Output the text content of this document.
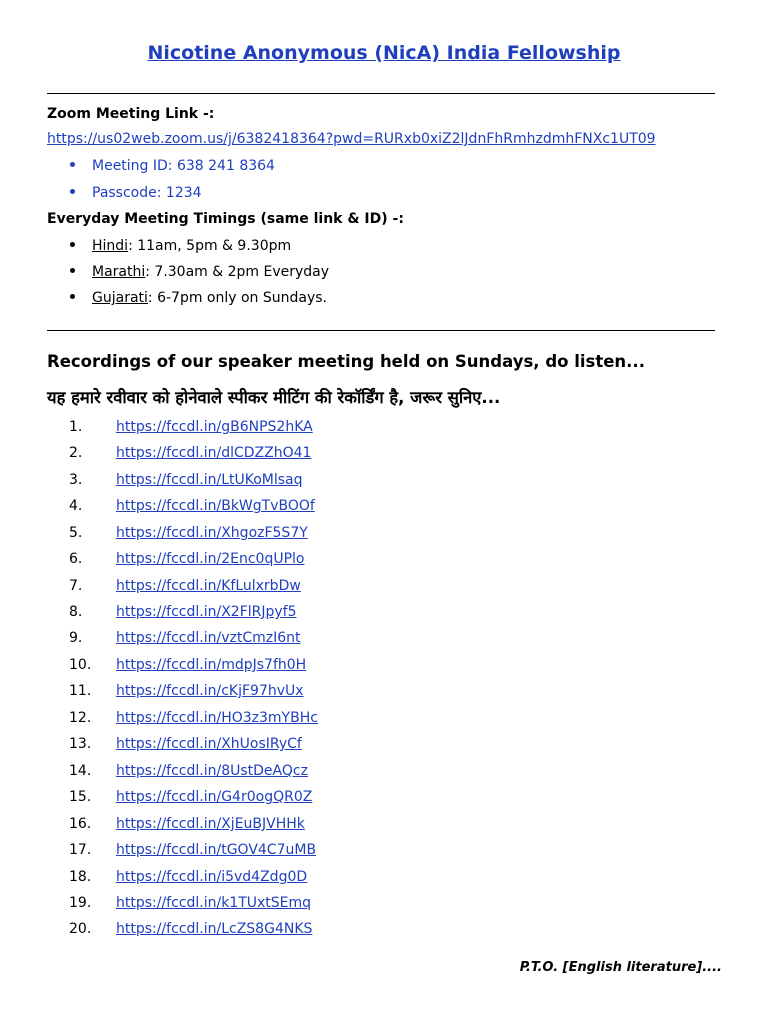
Nicotine Anonymous (NicA) India Fellowship
Zoom Meeting Link -:
https://us02web.zoom.us/j/6382418364?pwd=RURxb0xiZ2lJdnFhRmhzdmhFNXc1UT09
Meeting ID: 638 241 8364
Passcode: 1234
Everyday Meeting Timings (same link & ID) -:
Hindi: 11am, 5pm & 9.30pm
Marathi: 7.30am & 2pm Everyday
Gujarati: 6-7pm only on Sundays.
Recordings of our speaker meeting held on Sundays, do listen...
यह हमारे रवीवार को होनेवाले स्पीकर मीटिंग की रेकॉर्डिंग है, जरूर सुनिए...
1. https://fccdl.in/gB6NPS2hKA
2. https://fccdl.in/dlCDZZhO41
3. https://fccdl.in/LtUKoMlsaq
4. https://fccdl.in/BkWgTvBOOf
5. https://fccdl.in/XhgozF5S7Y
6. https://fccdl.in/2Enc0qUPlo
7. https://fccdl.in/KfLulxrbDw
8. https://fccdl.in/X2FlRJpyf5
9. https://fccdl.in/vztCmzI6nt
10. https://fccdl.in/mdpJs7fh0H
11. https://fccdl.in/cKjF97hvUx
12. https://fccdl.in/HO3z3mYBHc
13. https://fccdl.in/XhUosIRyCf
14. https://fccdl.in/8UstDeAQcz
15. https://fccdl.in/G4r0ogQR0Z
16. https://fccdl.in/XjEuBJVHHk
17. https://fccdl.in/tGOV4C7uMB
18. https://fccdl.in/i5vd4Zdg0D
19. https://fccdl.in/k1TUxtSEmq
20. https://fccdl.in/LcZS8G4NKS
P.T.O. [English literature]....
